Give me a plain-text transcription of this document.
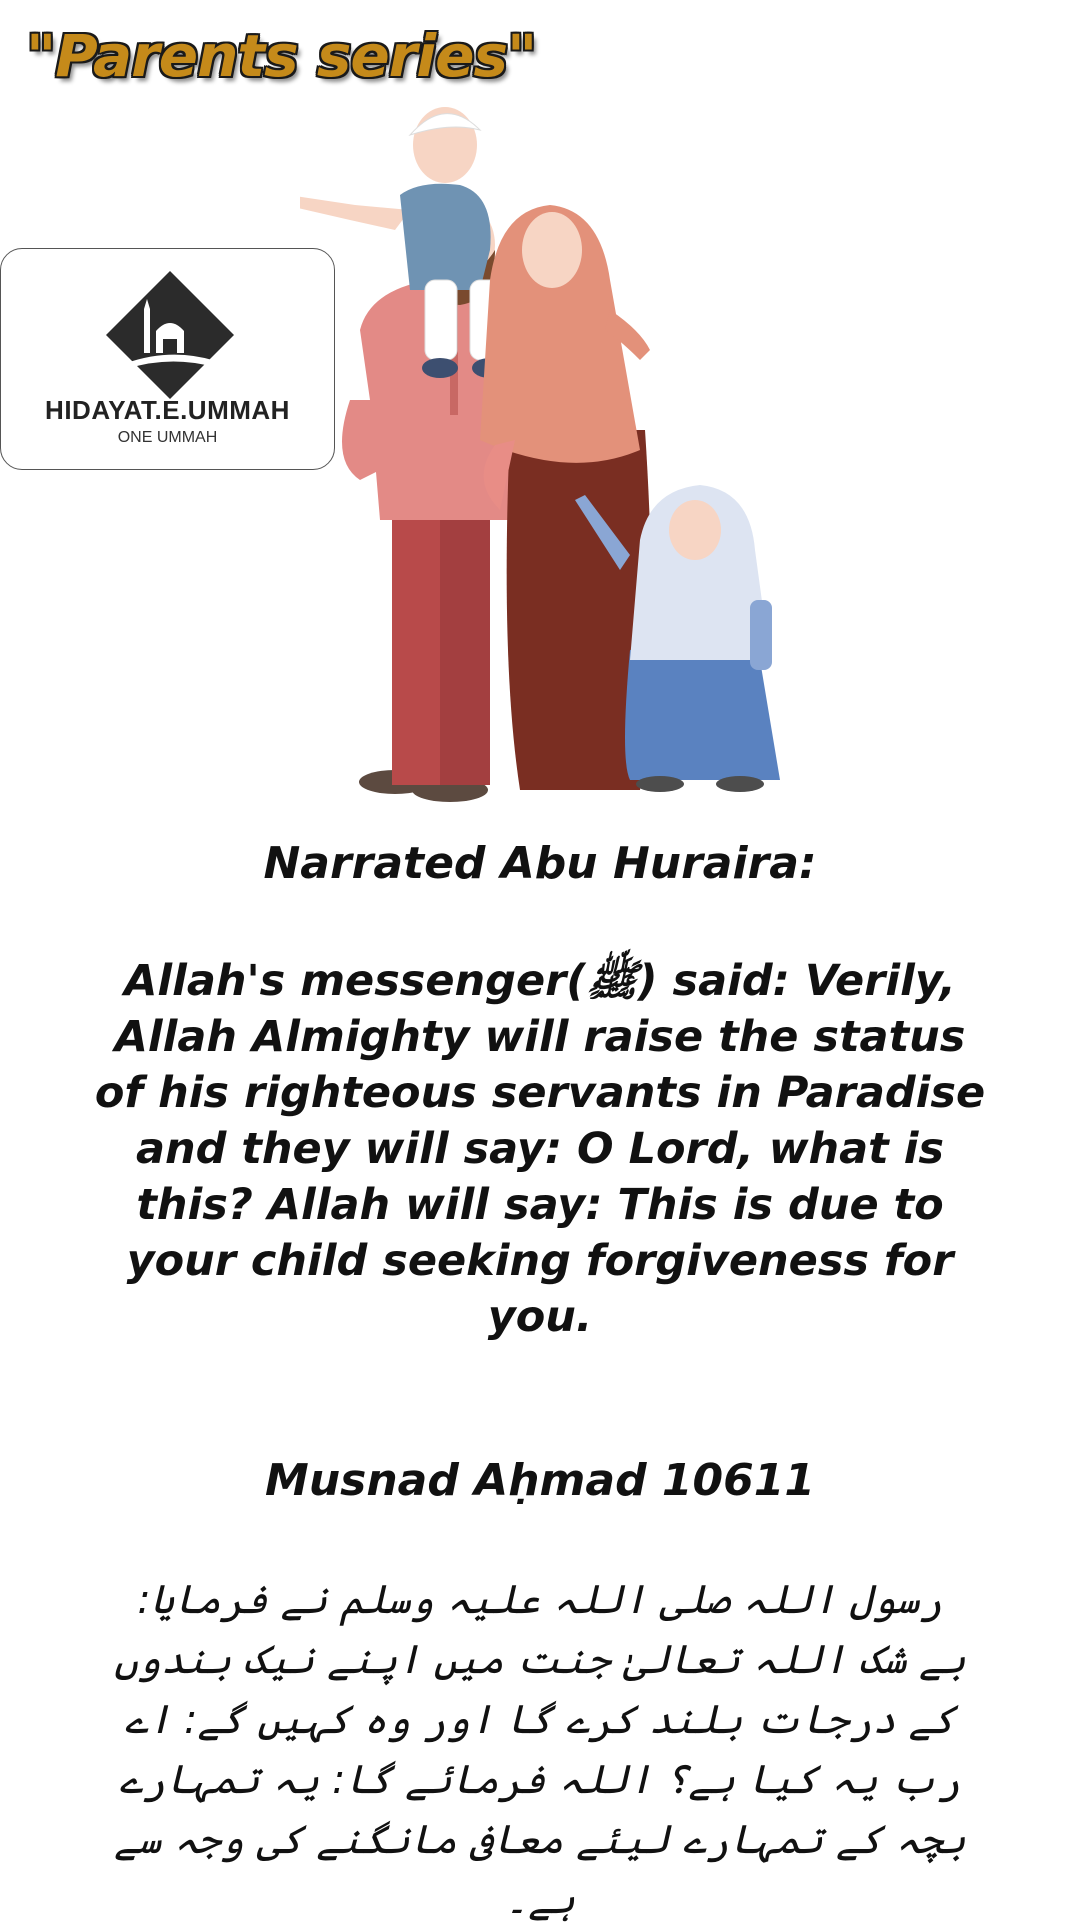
"Parents series"
HIDAYAT.E.UMMAH
ONE UMMAH

Narrated Abu Huraira:

Allah's messenger(ﷺ) said: Verily, Allah Almighty will raise the status of his righteous servants in Paradise and they will say: O Lord, what is this? Allah will say: This is due to your child seeking forgiveness for you.

Musnad Aḥmad 10611

رسول اللہ صلی اللہ علیہ وسلم نے فرمایا: بے شک اللہ تعالیٰ جنت میں اپنے نیک بندوں کے درجات بلند کرے گا اور وہ کہیں گے: اے رب یہ کیا ہے؟ اللہ فرمائے گا: یہ تمہارے بچہ کے تمہارے لیئے معافی مانگنے کی وجہ سے ہے۔
